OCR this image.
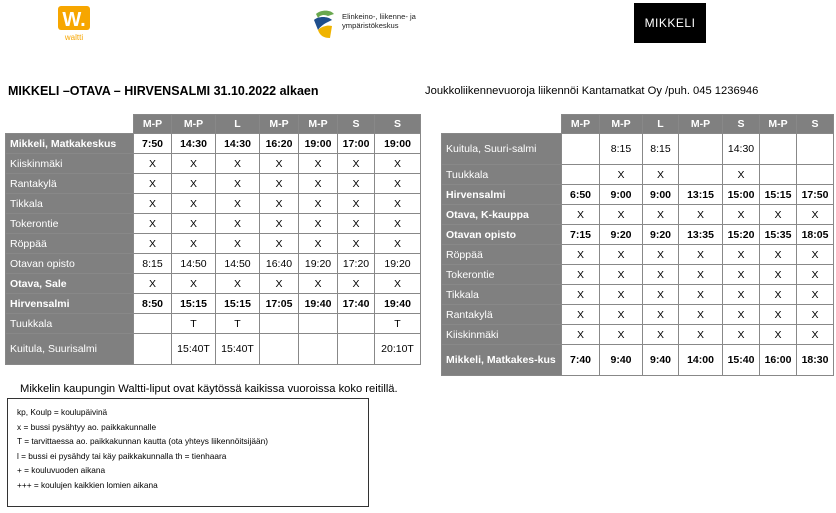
W.
waltti
Elinkeino-, liikenne- ja
ympäristökeskus	MIKKELI
MIKKELI –OTAVA – HIRVENSALMI 31.10.2022 alkaen	Joukkoliikennevuoroja liikennöi Kantamatkat Oy /puh. 045 1236946
	M-P	M-P	L	M-P	M-P	S	S
Mikkeli, Matkakeskus	7:50	14:30	14:30	16:20	19:00	17:00	19:00
Kiiskinmäki	X	X	X	X	X	X	X
Rantakylä	X	X	X	X	X	X	X
Tikkala	X	X	X	X	X	X	X
Tokerontie	X	X	X	X	X	X	X
Röppää	X	X	X	X	X	X	X
Otavan opisto	8:15	14:50	14:50	16:40	19:20	17:20	19:20
Otava, Sale	X	X	X	X	X	X	X
Hirvensalmi	8:50	15:15	15:15	17:05	19:40	17:40	19:40
Tuukkala		T	T				T

Kuitula, Suurisalmi		15:40T	15:40T				20:10T
	M-P	M-P	L	M-P	S	M-P	S

Kuitula, Suuri-salmi		8:15	8:15		14:30		
Tuukkala		X	X		X		
Hirvensalmi	6:50	9:00	9:00	13:15	15:00	15:15	17:50
Otava, K-kauppa	X	X	X	X	X	X	X
Otavan opisto	7:15	9:20	9:20	13:35	15:20	15:35	18:05
Röppää	X	X	X	X	X	X	X
Tokerontie	X	X	X	X	X	X	X
Tikkala	X	X	X	X	X	X	X
Rantakylä	X	X	X	X	X	X	X
Kiiskinmäki	X	X	X	X	X	X	X

Mikkeli, Matkakes-kus	7:40	9:40	9:40	14:00	15:40	16:00	18:30
Mikkelin kaupungin Waltti-liput ovat käytössä kaikissa vuoroissa koko reitillä.
kp, Koulp = koulupäivinä
x = bussi pysähtyy ao. paikkakunnalle
T = tarvittaessa ao. paikkakunnan kautta (ota yhteys liikennöitsijään)
l = bussi ei pysähdy tai käy paikkakunnalla th = tienhaara
+ = kouluvuoden aikana
+++ = koulujen kaikkien lomien aikana
